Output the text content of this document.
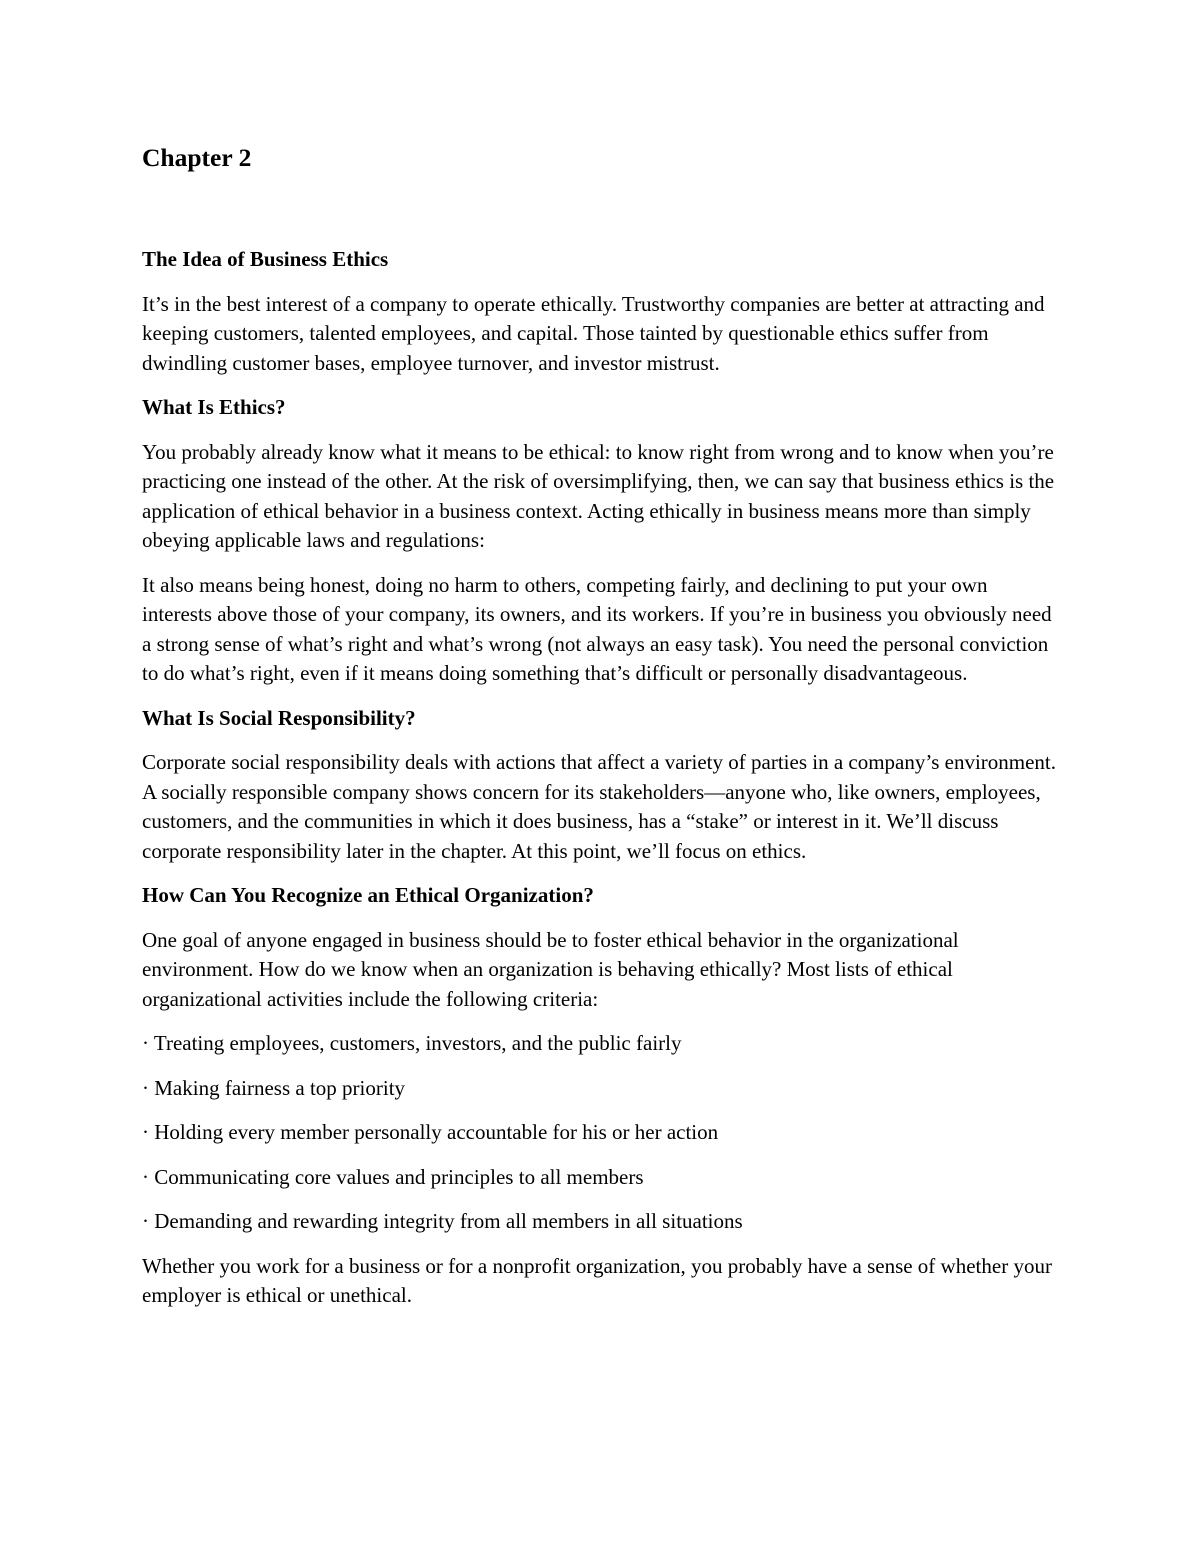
Chapter 2
The Idea of Business Ethics

It’s in the best interest of a company to operate ethically. Trustworthy companies are better at attracting and keeping customers, talented employees, and capital. Those tainted by questionable ethics suffer from dwindling customer bases, employee turnover, and investor mistrust.

What Is Ethics?

You probably already know what it means to be ethical: to know right from wrong and to know when you’re practicing one instead of the other. At the risk of oversimplifying, then, we can say that business ethics is the application of ethical behavior in a business context. Acting ethically in business means more than simply obeying applicable laws and regulations:

It also means being honest, doing no harm to others, competing fairly, and declining to put your own interests above those of your company, its owners, and its workers. If you’re in business you obviously need a strong sense of what’s right and what’s wrong (not always an easy task). You need the personal conviction to do what’s right, even if it means doing something that’s difficult or personally disadvantageous.

What Is Social Responsibility?

Corporate social responsibility deals with actions that affect a variety of parties in a company’s environment. A socially responsible company shows concern for its stakeholders—anyone who, like owners, employees, customers, and the communities in which it does business, has a “stake” or interest in it. We’ll discuss corporate responsibility later in the chapter. At this point, we’ll focus on ethics.

How Can You Recognize an Ethical Organization?

One goal of anyone engaged in business should be to foster ethical behavior in the organizational environment. How do we know when an organization is behaving ethically? Most lists of ethical organizational activities include the following criteria:

· Treating employees, customers, investors, and the public fairly

· Making fairness a top priority

· Holding every member personally accountable for his or her action

· Communicating core values and principles to all members

· Demanding and rewarding integrity from all members in all situations

Whether you work for a business or for a nonprofit organization, you probably have a sense of whether your employer is ethical or unethical.
